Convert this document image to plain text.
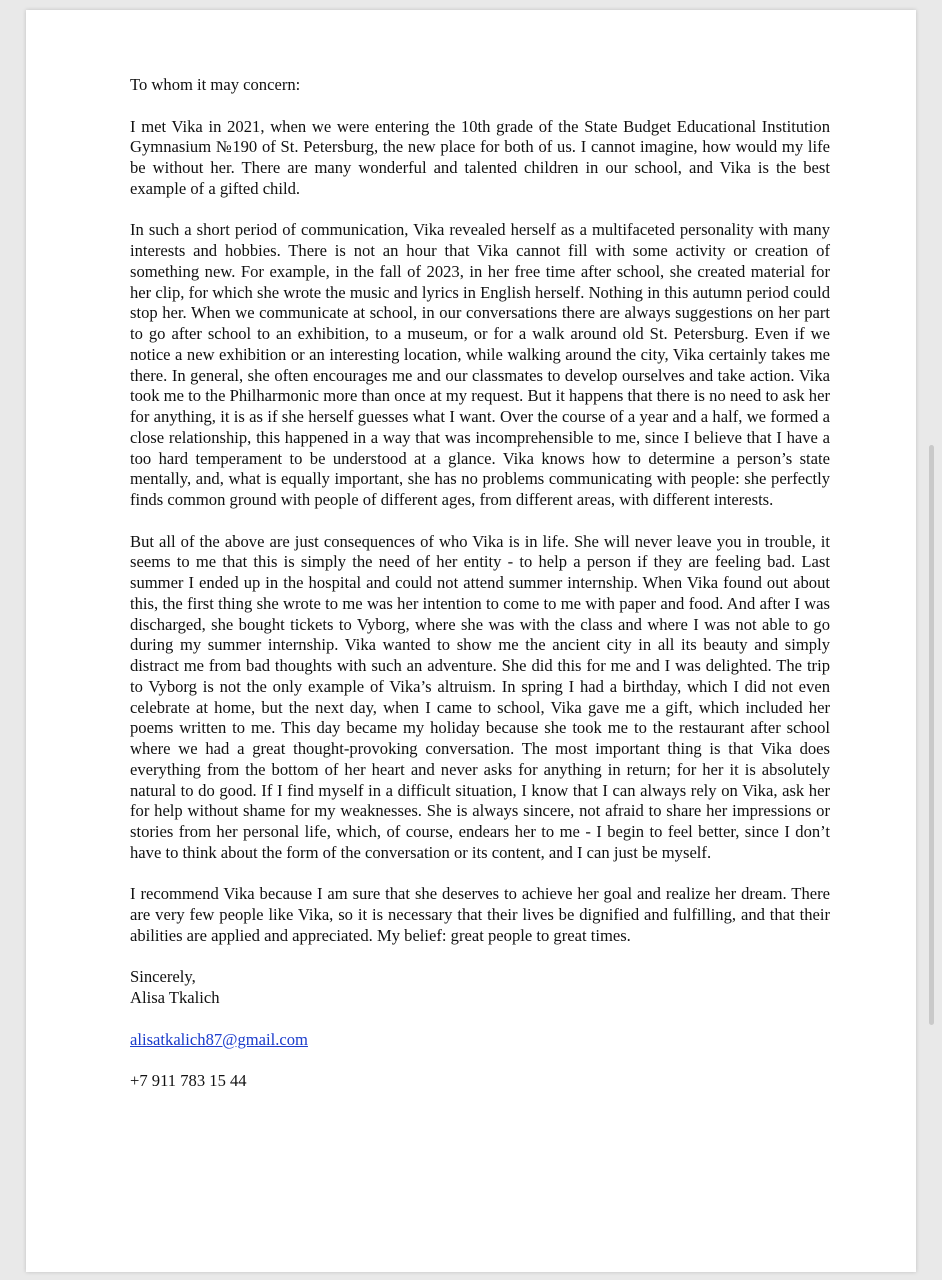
To whom it may concern:

I met Vika in 2021, when we were entering the 10th grade of the State Budget Educational Institution Gymnasium №190 of St. Petersburg, the new place for both of us. I cannot imagine, how would my life be without her. There are many wonderful and talented children in our school, and Vika is the best example of a gifted child.

In such a short period of communication, Vika revealed herself as a multifaceted personality with many interests and hobbies. There is not an hour that Vika cannot fill with some activity or creation of something new. For example, in the fall of 2023, in her free time after school, she created material for her clip, for which she wrote the music and lyrics in English herself. Nothing in this autumn period could stop her. When we communicate at school, in our conversations there are always suggestions on her part to go after school to an exhibition, to a museum, or for a walk around old St. Petersburg. Even if we notice a new exhibition or an interesting location, while walking around the city, Vika certainly takes me there. In general, she often encourages me and our classmates to develop ourselves and take action. Vika took me to the Philharmonic more than once at my request. But it happens that there is no need to ask her for anything, it is as if she herself guesses what I want. Over the course of a year and a half, we formed a close relationship, this happened in a way that was incomprehensible to me, since I believe that I have a too hard temperament to be understood at a glance. Vika knows how to determine a person’s state mentally, and, what is equally important, she has no problems communicating with people: she perfectly finds common ground with people of different ages, from different areas, with different interests.

But all of the above are just consequences of who Vika is in life. She will never leave you in trouble, it seems to me that this is simply the need of her entity - to help a person if they are feeling bad. Last summer I ended up in the hospital and could not attend summer internship. When Vika found out about this, the first thing she wrote to me was her intention to come to me with paper and food. And after I was discharged, she bought tickets to Vyborg, where she was with the class and where I was not able to go during my summer internship. Vika wanted to show me the ancient city in all its beauty and simply distract me from bad thoughts with such an adventure. She did this for me and I was delighted. The trip to Vyborg is not the only example of Vika’s altruism. In spring I had a birthday, which I did not even celebrate at home, but the next day, when I came to school, Vika gave me a gift, which included her poems written to me. This day became my holiday because she took me to the restaurant after school where we had a great thought-provoking conversation. The most important thing is that Vika does everything from the bottom of her heart and never asks for anything in return; for her it is absolutely natural to do good. If I find myself in a difficult situation, I know that I can always rely on Vika, ask her for help without shame for my weaknesses. She is always sincere, not afraid to share her impressions or stories from her personal life, which, of course, endears her to me - I begin to feel better, since I don’t have to think about the form of the conversation or its content, and I can just be myself.

I recommend Vika because I am sure that she deserves to achieve her goal and realize her dream. There are very few people like Vika, so it is necessary that their lives be dignified and fulfilling, and that their abilities are applied and appreciated. My belief: great people to great times.

Sincerely,
Alisa Tkalich

alisatkalich87@gmail.com

+7 911 783 15 44
